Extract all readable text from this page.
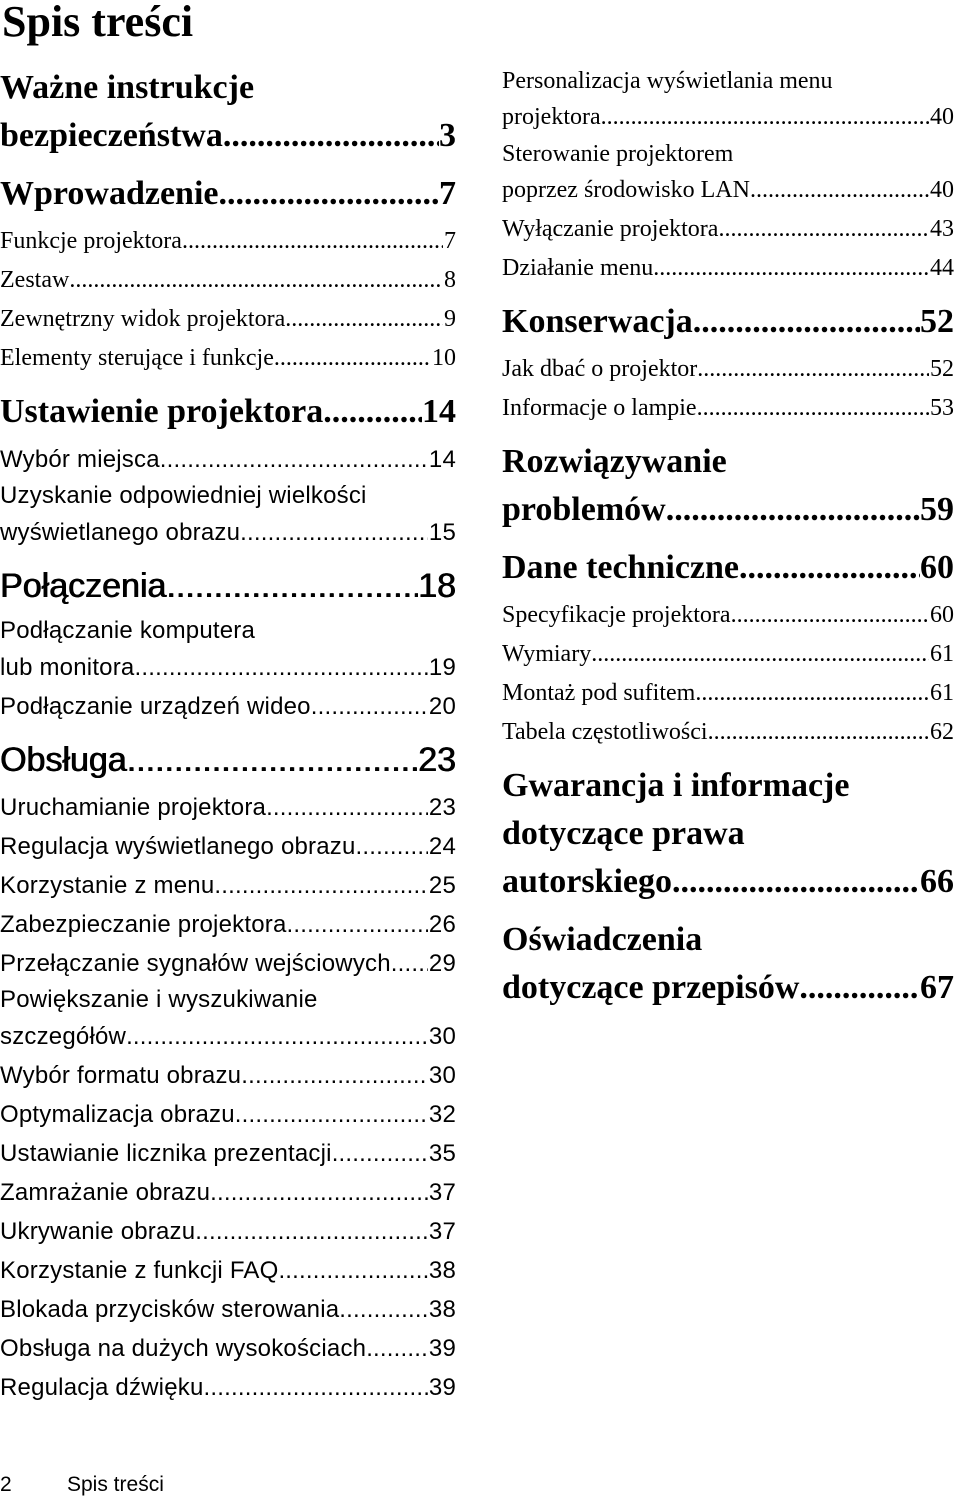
Spis treści
Ważne instrukcje
bezpieczeństwa .....	3
Wprowadzenie .....	7
Funkcje projektora .....	7
Zestaw .....	8
Zewnętrzny widok projektora .....	9
Elementy sterujące i funkcje .....	10
Ustawienie projektora .....	14
Wybór miejsca .....	14
Uzyskanie odpowiedniej wielkości
wyświetlanego obrazu .....	15
Połączenia .....	18
Podłączanie komputera
lub monitora .....	19
Podłączanie urządzeń wideo .....	20
Obsługa .....	23
Uruchamianie projektora .....	23
Regulacja wyświetlanego obrazu .....	24
Korzystanie z menu .....	25
Zabezpieczanie projektora .....	26
Przełączanie sygnałów wejściowych ..... 29
Powiększanie i wyszukiwanie
szczegółów .....	30
Wybór formatu obrazu .....	30
Optymalizacja obrazu .....	32
Ustawianie licznika prezentacji .....	35
Zamrażanie obrazu .....	37
Ukrywanie obrazu .....	37
Korzystanie z funkcji FAQ .....	38
Blokada przycisków sterowania .....	38
Obsługa na dużych wysokościach .....	39
Regulacja dźwięku .....	39
Personalizacja wyświetlania menu
projektora .....	40
Sterowanie projektorem
poprzez środowisko LAN .....	40
Wyłączanie projektora .....	43
Działanie menu .....	44
Konserwacja .....	52
Jak dbać o projektor .....	52
Informacje o lampie .....	53
Rozwiązywanie
problemów .....	59
Dane techniczne .....	60
Specyfikacje projektora .....	60
Wymiary .....	61
Montaż pod sufitem .....	61
Tabela częstotliwości .....	62
Gwarancja i informacje
dotyczące prawa
autorskiego .....	66
Oświadczenia
dotyczące przepisów .....	67
2	Spis treści
